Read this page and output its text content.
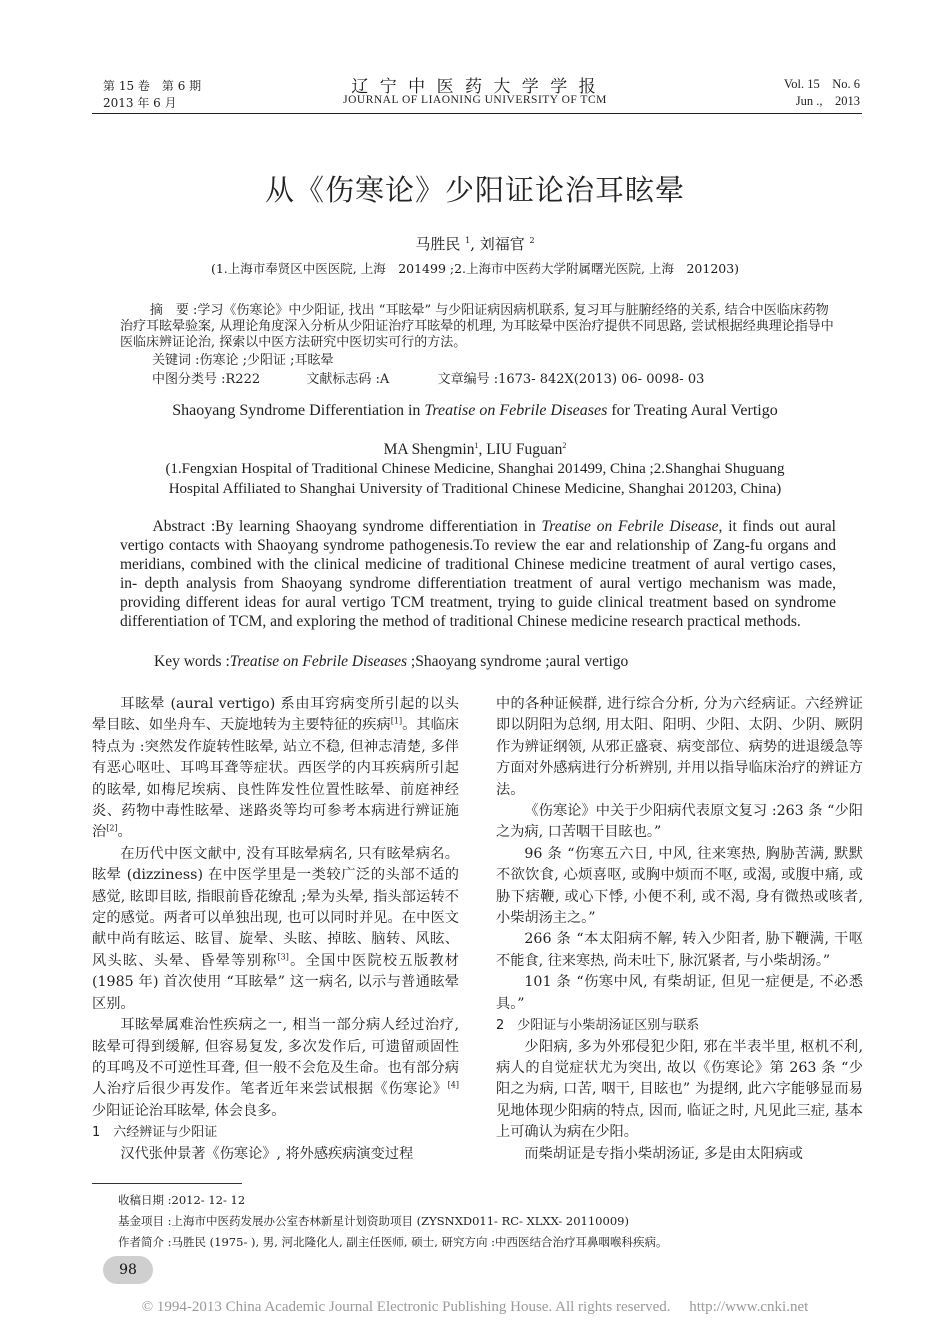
第 15 卷　第 6 期
2013 年 6 月
辽 宁 中 医 药 大 学 学 报
JOURNAL OF LIAONING UNIVERSITY OF TCM
Vol. 15　No. 6
Jun .,　2013
从《伤寒论》少阳证论治耳眩晕
马胜民 $^1$, 刘福官 $^2$
(1.上海市奉贤区中医医院, 上海　201499 ;2.上海市中医药大学附属曙光医院, 上海　201203)
摘　要 :学习《伤寒论》中少阳证, 找出 “耳眩晕” 与少阳证病因病机联系, 复习耳与脏腑经络的关系, 结合中医临床药物治疗耳眩晕验案, 从理论角度深入分析从少阳证治疗耳眩晕的机理, 为耳眩晕中医治疗提供不同思路, 尝试根据经典理论指导中医临床辨证论治, 探索以中医方法研究中医切实可行的方法。
关键词 :伤寒论 ;少阳证 ;耳眩晕
中图分类号 :R222	文献标志码 :A	文章编号 :1673- 842X(2013) 06- 0098- 03
Shaoyang Syndrome Differentiation in Treatise on Febrile Diseases for Treating Aural Vertigo
MA Shengmin$^1$, LIU Fuguan$^2$
(1.Fengxian Hospital of Traditional Chinese Medicine, Shanghai 201499, China ;2.Shanghai Shuguang
Hospital Affiliated to Shanghai University of Traditional Chinese Medicine, Shanghai 201203, China)
Abstract :By learning Shaoyang syndrome differentiation in Treatise on Febrile Disease, it finds out aural vertigo contacts with Shaoyang syndrome pathogenesis.To review the ear and relationship of Zang-fu organs and meridians, combined with the clinical medicine of traditional Chinese medicine treatment of aural vertigo cases, in- depth analysis from Shaoyang syndrome differentiation treatment of aural vertigo mechanism was made, providing different ideas for aural vertigo TCM treatment, trying to guide clinical treatment based on syndrome differentiation of TCM, and exploring the method of traditional Chinese medicine research practical methods.
Key words :Treatise on Febrile Diseases ;Shaoyang syndrome ;aural vertigo

耳眩晕 (aural vertigo) 系由耳窍病变所引起的以头晕目眩、如坐舟车、天旋地转为主要特征的疾病[1]。其临床特点为 :突然发作旋转性眩晕, 站立不稳, 但神志清楚, 多伴有恶心呕吐、耳鸣耳聋等症状。西医学的内耳疾病所引起的眩晕, 如梅尼埃病、良性阵发性位置性眩晕、前庭神经炎、药物中毒性眩晕、迷路炎等均可参考本病进行辨证施治[2]。

在历代中医文献中, 没有耳眩晕病名, 只有眩晕病名。眩晕 (dizziness) 在中医学里是一类较广泛的头部不适的感觉, 眩即目眩, 指眼前昏花缭乱 ;晕为头晕, 指头部运转不定的感觉。两者可以单独出现, 也可以同时并见。在中医文献中尚有眩运、眩冒、旋晕、头眩、掉眩、脑转、风眩、风头眩、头晕、昏晕等别称[3]。全国中医院校五版教材 (1985 年) 首次使用 “耳眩晕” 这一病名, 以示与普通眩晕区别。

耳眩晕属难治性疾病之一, 相当一部分病人经过治疗, 眩晕可得到缓解, 但容易复发, 多次发作后, 可遗留顽固性的耳鸣及不可逆性耳聋, 但一般不会危及生命。也有部分病人治疗后很少再发作。笔者近年来尝试根据《伤寒论》[4] 少阳证论治耳眩晕, 体会良多。

1　六经辨证与少阳证

汉代张仲景著《伤寒论》, 将外感疾病演变过程

中的各种证候群, 进行综合分析, 分为六经病证。六经辨证即以阴阳为总纲, 用太阳、阳明、少阳、太阴、少阴、厥阴作为辨证纲领, 从邪正盛衰、病变部位、病势的进退缓急等方面对外感病进行分析辨别, 并用以指导临床治疗的辨证方法。

《伤寒论》中关于少阳病代表原文复习 :263 条 “少阳之为病, 口苦咽干目眩也。”

96 条 “伤寒五六日, 中风, 往来寒热, 胸胁苦满, 默默不欲饮食, 心烦喜呕, 或胸中烦而不呕, 或渴, 或腹中痛, 或胁下痞鞭, 或心下悸, 小便不利, 或不渴, 身有微热或咳者, 小柴胡汤主之。”

266 条 “本太阳病不解, 转入少阳者, 胁下鞭满, 干呕不能食, 往来寒热, 尚未吐下, 脉沉紧者, 与小柴胡汤。”

101 条 “伤寒中风, 有柴胡证, 但见一症便是, 不必悉具。”

2　少阳证与小柴胡汤证区别与联系

少阳病, 多为外邪侵犯少阳, 邪在半表半里, 枢机不利, 病人的自觉症状尤为突出, 故以《伤寒论》第 263 条 “少阳之为病, 口苦, 咽干, 目眩也” 为提纲, 此六字能够显而易见地体现少阳病的特点, 因而, 临证之时, 凡见此三症, 基本上可确认为病在少阳。

而柴胡证是专指小柴胡汤证, 多是由太阳病或

收稿日期 :2012- 12- 12
基金项目 :上海市中医药发展办公室杏林新星计划资助项目 (ZYSNXD011- RC- XLXX- 20110009)
作者简介 :马胜民 (1975- ), 男, 河北隆化人, 副主任医师, 硕士, 研究方向 :中西医结合治疗耳鼻咽喉科疾病。
98
© 1994-2013 China Academic Journal Electronic Publishing House. All rights reserved.　 http://www.cnki.net
